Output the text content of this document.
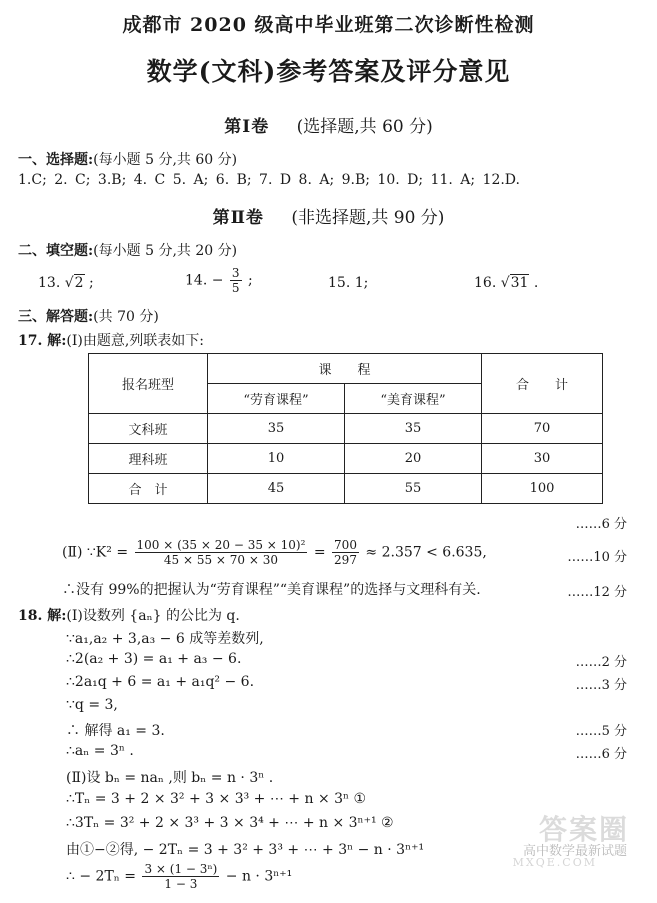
成都市 2020 级高中毕业班第二次诊断性检测
数学(文科)参考答案及评分意见
第Ⅰ卷 (选择题,共 60 分)
一、选择题:(每小题 5 分,共 60 分)
1.C; 2. C; 3.B; 4. C 5. A; 6. B; 7. D 8. A; 9.B; 10. D; 11. A; 12.D.
第Ⅱ卷 (非选择题,共 90 分)
二、填空题:(每小题 5 分,共 20 分)
13. √2 ;	14. − $\frac{3}{5}$ ;	15. 1;	16. √31 .
三、解答题:(共 70 分)
17. 解:(Ⅰ)由题意,列联表如下:
报名班型	课　　程		合　　计
	“劳育课程”	“美育课程”	
文科班	35	35	70
理科班	10	20	30
合　计	45	55	100
……6 分
(Ⅱ) ∵K² = $\frac{\text{100 × (35 × 20 − 35 × 10)²}}{45 \times 55 \times 70 \times 30} = \frac{700}{297} \approx 2.357 < 6.635$,	……10 分
∴没有 99%的把握认为“劳育课程”“美育课程”的选择与文理科有关.	……12 分
18. 解:(Ⅰ)设数列 {aₙ} 的公比为 q.
∵a₁,a₂ + 3,a₃ − 6 成等差数列,
∴2(a₂ + 3) = a₁ + a₃ − 6.	……2 分
∴2a₁q + 6 = a₁ + a₁q² − 6.	……3 分
∵q = 3,
∴ 解得 a₁ = 3.	……5 分
∴aₙ = 3ⁿ .	……6 分
(Ⅱ)设 bₙ = naₙ ,则 bₙ = n · 3ⁿ .
∴Tₙ = 3 + 2 × 3² + 3 × 3³ + ⋯ + n × 3ⁿ ①
∴3Tₙ = 3² + 2 × 3³ + 3 × 3⁴ + ⋯ + n × 3ⁿ⁺¹ ②
由①−②得, − 2Tₙ = 3 + 3² + 3³ + ⋯ + 3ⁿ − n · 3ⁿ⁺¹
∴ − $2T_n = \frac{\text{3 × (1 − 3ⁿ)}}{1 - 3} - n \cdot 3^{n+1}$
答案圈
高中数学最新试题
MXQE.COM
